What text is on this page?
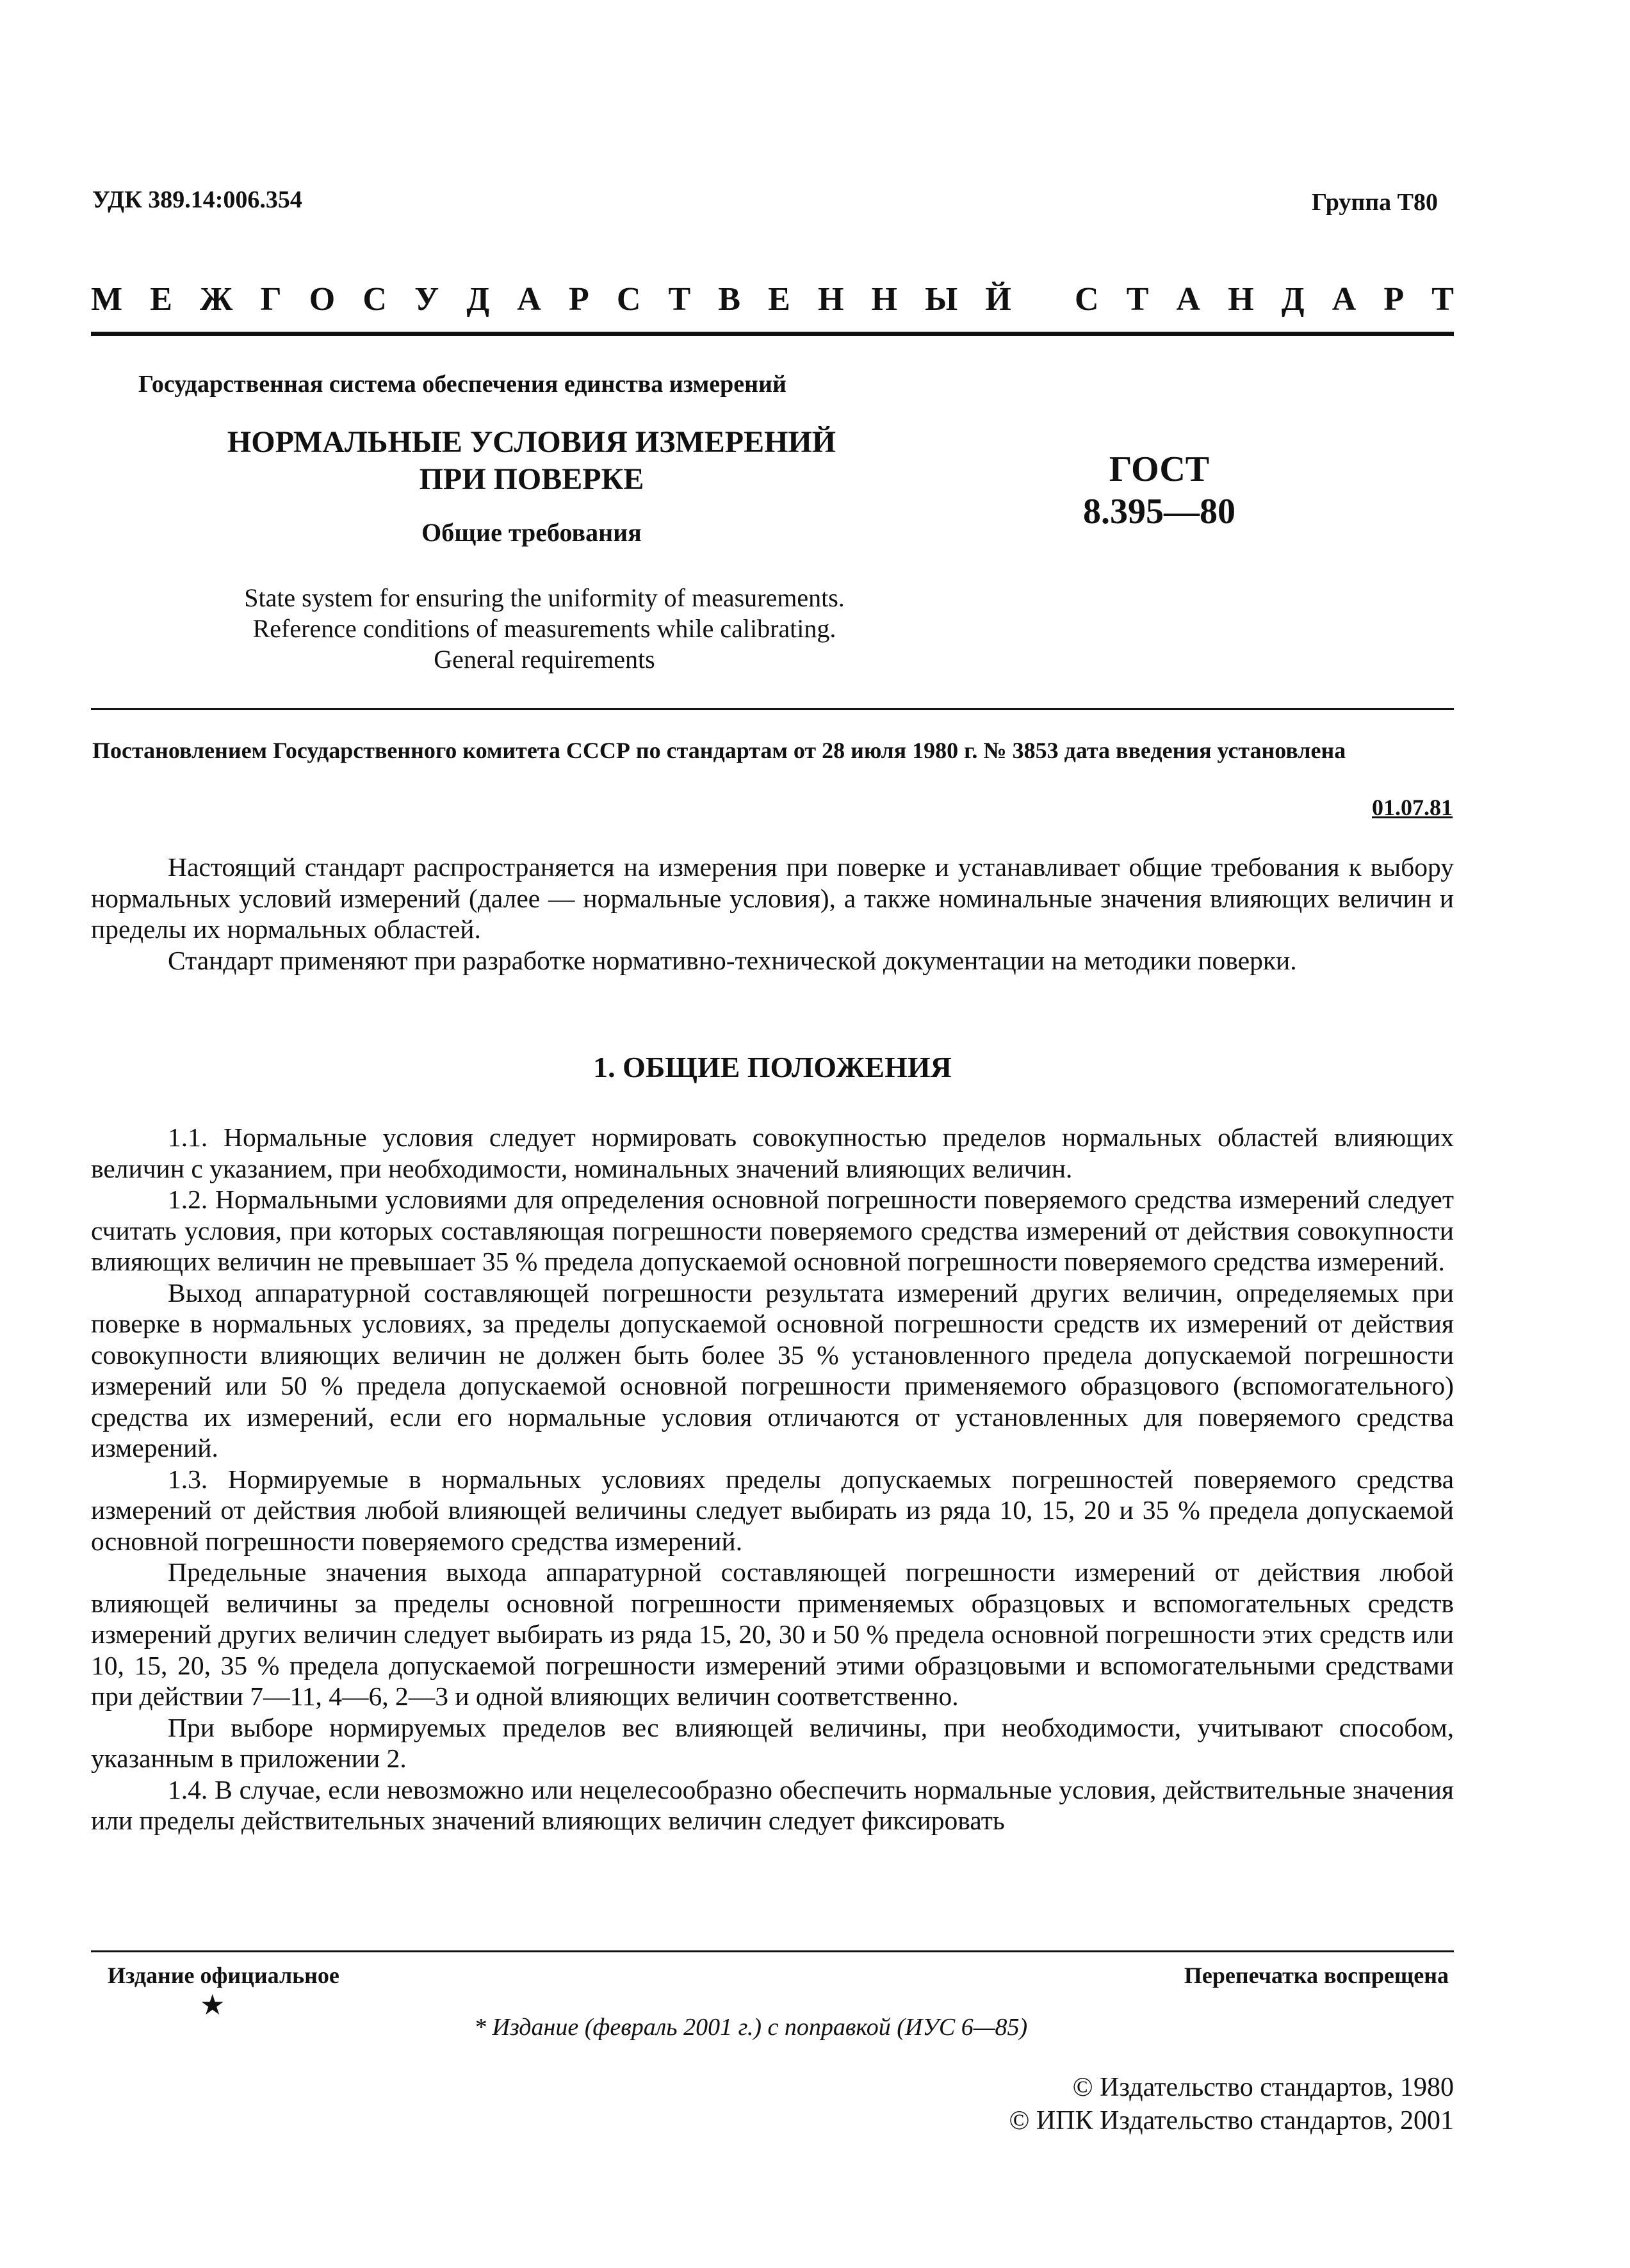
УДК 389.14:006.354	Группа Т80
М Е Ж Г О С У Д А Р С Т В Е Н Н Ы Й
С Т А Н Д А Р Т
Государственная система обеспечения единства измерений
НОРМАЛЬНЫЕ УСЛОВИЯ ИЗМЕРЕНИЙ
ПРИ ПОВЕРКЕ
Общие требования
ГОСТ
8.395—80
State system for ensuring the uniformity of measurements.
Reference conditions of measurements while calibrating.
General requirements
Постановлением Государственного комитета СССР по стандартам от 28 июля 1980 г. № 3853 дата введения установлена
01.07.81

Настоящий стандарт распространяется на измерения при поверке и устанавливает общие требования к выбору нормальных условий измерений (далее — нормальные условия), а также номинальные значения влияющих величин и пределы их нормальных областей.

Стандарт применяют при разработке нормативно-технической документации на методики поверки.

1. ОБЩИЕ ПОЛОЖЕНИЯ

1.1. Нормальные условия следует нормировать совокупностью пределов нормальных областей влияющих величин с указанием, при необходимости, номинальных значений влияющих величин.

1.2. Нормальными условиями для определения основной погрешности поверяемого средства измерений следует считать условия, при которых составляющая погрешности поверяемого средства измерений от действия совокупности влияющих величин не превышает 35 % предела допускаемой основной погрешности поверяемого средства измерений.

Выход аппаратурной составляющей погрешности результата измерений других величин, определяемых при поверке в нормальных условиях, за пределы допускаемой основной погрешности средств их измерений от действия совокупности влияющих величин не должен быть более 35 % установленного предела допускаемой погрешности измерений или 50 % предела допускаемой основной погрешности применяемого образцового (вспомогательного) средства их измерений, если его нормальные условия отличаются от установленных для поверяемого средства измерений.

1.3. Нормируемые в нормальных условиях пределы допускаемых погрешностей поверяемого средства измерений от действия любой влияющей величины следует выбирать из ряда 10, 15, 20 и 35 % предела допускаемой основной погрешности поверяемого средства измерений.

Предельные значения выхода аппаратурной составляющей погрешности измерений от действия любой влияющей величины за пределы основной погрешности применяемых образцовых и вспомогательных средств измерений других величин следует выбирать из ряда 15, 20, 30 и 50 % предела основной погрешности этих средств или 10, 15, 20, 35 % предела допускаемой погрешности измерений этими образцовыми и вспомогательными средствами при действии 7—11, 4—6, 2—3 и одной влияющих величин соответственно.

При выборе нормируемых пределов вес влияющей величины, при необходимости, учитывают способом, указанным в приложении 2.

1.4. В случае, если невозможно или нецелесообразно обеспечить нормальные условия, действительные значения или пределы действительных значений влияющих величин следует фиксировать

Издание официальное	Перепечатка воспрещена
★
* Издание (февраль 2001 г.) с поправкой (ИУС 6—85)
© Издательство стандартов, 1980
© ИПК Издательство стандартов, 2001
